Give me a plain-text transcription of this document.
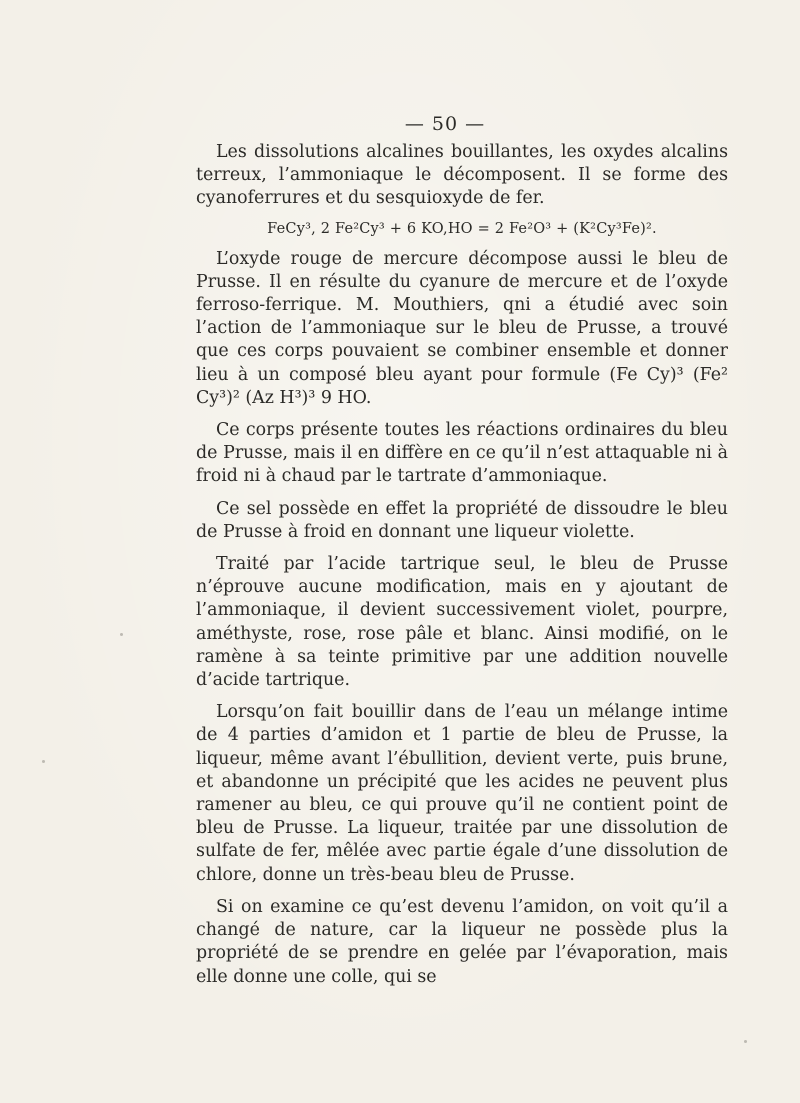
— 50 —

Les dissolutions alcalines bouillantes, les oxydes alcalins terreux, l’ammoniaque le décomposent. Il se forme des cyanoferrures et du sesquioxyde de fer.

FeCy³, 2 Fe²Cy³ + 6 KO,HO = 2 Fe²O³ + (K²Cy³Fe)².

L’oxyde rouge de mercure décompose aussi le bleu de Prusse. Il en résulte du cyanure de mercure et de l’oxyde ferroso-ferrique. M. Mouthiers, qni a étudié avec soin l’action de l’ammoniaque sur le bleu de Prusse, a trouvé que ces corps pouvaient se combiner ensemble et donner lieu à un composé bleu ayant pour formule (Fe Cy)³ (Fe² Cy³)² (Az H³)³ 9 HO.

Ce corps présente toutes les réactions ordinaires du bleu de Prusse, mais il en diffère en ce qu’il n’est attaquable ni à froid ni à chaud par le tartrate d’ammoniaque.

Ce sel possède en effet la propriété de dissoudre le bleu de Prusse à froid en donnant une liqueur violette.

Traité par l’acide tartrique seul, le bleu de Prusse n’éprouve aucune modification, mais en y ajoutant de l’ammoniaque, il devient successivement violet, pourpre, améthyste, rose, rose pâle et blanc. Ainsi modifié, on le ramène à sa teinte primitive par une addition nouvelle d’acide tartrique.

Lorsqu’on fait bouillir dans de l’eau un mélange intime de 4 parties d’amidon et 1 partie de bleu de Prusse, la liqueur, même avant l’ébullition, devient verte, puis brune, et abandonne un précipité que les acides ne peuvent plus ramener au bleu, ce qui prouve qu’il ne contient point de bleu de Prusse. La liqueur, traitée par une dissolution de sulfate de fer, mêlée avec partie égale d’une dissolution de chlore, donne un très-beau bleu de Prusse.

Si on examine ce qu’est devenu l’amidon, on voit qu’il a changé de nature, car la liqueur ne possède plus la propriété de se prendre en gelée par l’évaporation, mais elle donne une colle, qui se
